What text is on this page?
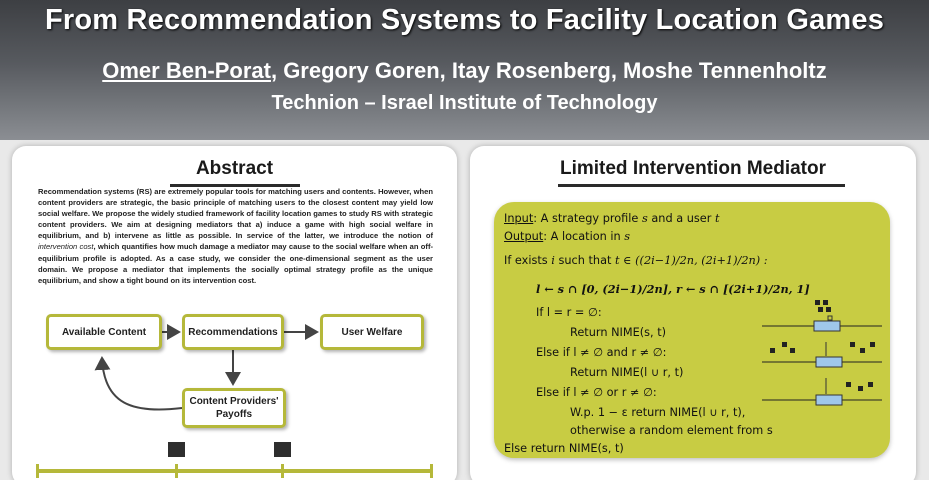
From Recommendation Systems to Facility Location Games
Omer Ben-Porat, Gregory Goren, Itay Rosenberg, Moshe Tennenholtz
Technion – Israel Institute of Technology
Abstract
Recommendation systems (RS) are extremely popular tools for matching users and contents. However, when content providers are strategic, the basic principle of matching users to the closest content may yield low social welfare. We propose the widely studied framework of facility location games to study RS with strategic content providers. We aim at designing mediators that a) induce a game with high social welfare in equilibrium, and b) intervene as little as possible. In service of the latter, we introduce the notion of intervention cost, which quantifies how much damage a mediator may cause to the social welfare when an off-equilibrium profile is adopted. As a case study, we consider the one-dimensional segment as the user domain. We propose a mediator that implements the socially optimal strategy profile as the unique equilibrium, and show a tight bound on its intervention cost.
Available Content	Recommendations	User Welfare
Content Providers'
Payoffs
Limited Intervention Mediator
Input: A strategy profile s and a user t
Output: A location in s
If exists i such that t ∈ ((2i−1)/2n, (2i+1)/2n) :
l ← s ∩ [0, (2i−1)/2n], r ← s ∩ [(2i+1)/2n, 1]
If l = r = ∅:
Return NIME(s, t)
Else if l ≠ ∅ and r ≠ ∅:
Return NIME(l ∪ r, t)
Else if l ≠ ∅ or r ≠ ∅:
W.p. 1 − ε return NIME(l ∪ r, t),
otherwise a random element from s
Else return NIME(s, t)
